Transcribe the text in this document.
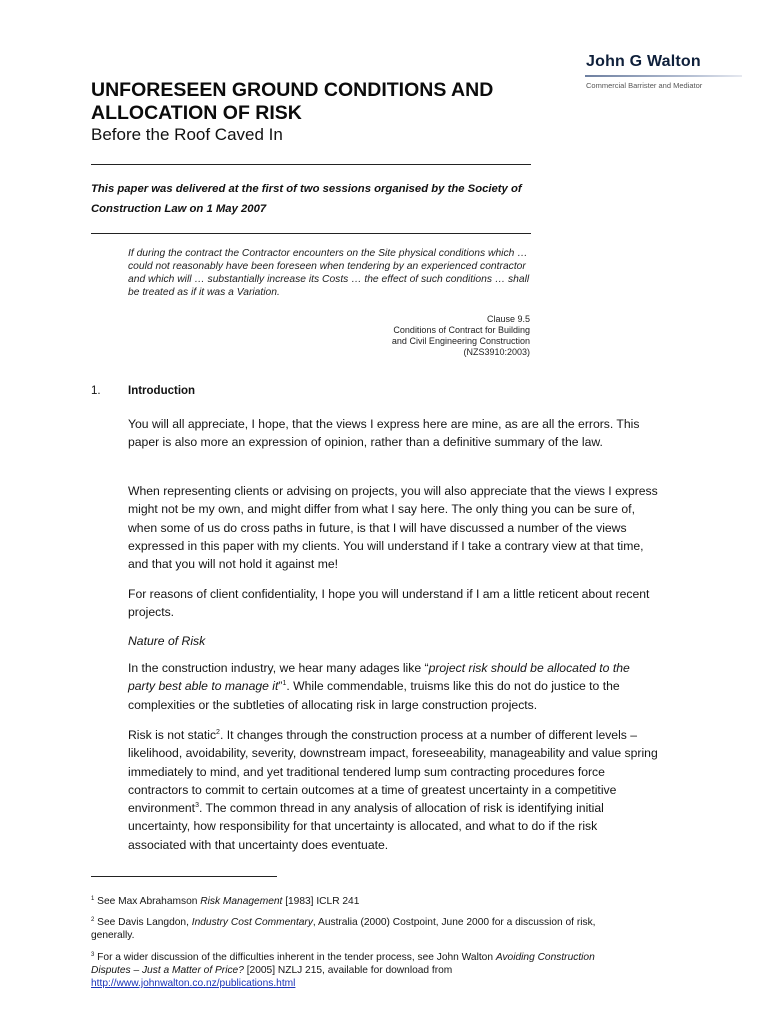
John G Walton
Commercial Barrister and Mediator
UNFORESEEN GROUND CONDITIONS AND ALLOCATION OF RISK
Before the Roof Caved In
This paper was delivered at the first of two sessions organised by the Society of Construction Law on 1 May 2007
If during the contract the Contractor encounters on the Site physical conditions which … could not reasonably have been foreseen when tendering by an experienced contractor and which will … substantially increase its Costs … the effect of such conditions … shall be treated as if it was a Variation.
Clause 9.5
Conditions of Contract for Building
and Civil Engineering Construction
(NZS3910:2003)
1. Introduction
You will all appreciate, I hope, that the views I express here are mine, as are all the errors. This paper is also more an expression of opinion, rather than a definitive summary of the law.
When representing clients or advising on projects, you will also appreciate that the views I express might not be my own, and might differ from what I say here. The only thing you can be sure of, when some of us do cross paths in future, is that I will have discussed a number of the views expressed in this paper with my clients. You will understand if I take a contrary view at that time, and that you will not hold it against me!
For reasons of client confidentiality, I hope you will understand if I am a little reticent about recent projects.
Nature of Risk
In the construction industry, we hear many adages like “project risk should be allocated to the party best able to manage it”$^1$. While commendable, truisms like this do not do justice to the complexities or the subtleties of allocating risk in large construction projects.
Risk is not static$^2$. It changes through the construction process at a number of different levels – likelihood, avoidability, severity, downstream impact, foreseeability, manageability and value spring immediately to mind, and yet traditional tendered lump sum contracting procedures force contractors to commit to certain outcomes at a time of greatest uncertainty in a competitive environment$^3$. The common thread in any analysis of allocation of risk is identifying initial uncertainty, how responsibility for that uncertainty is allocated, and what to do if the risk associated with that uncertainty does eventuate.
$^1$ See Max Abrahamson Risk Management [1983] ICLR 241
$^2$ See Davis Langdon, Industry Cost Commentary, Australia (2000) Costpoint, June 2000 for a discussion of risk, generally.
$^3$ For a wider discussion of the difficulties inherent in the tender process, see John Walton Avoiding Construction Disputes – Just a Matter of Price? [2005] NZLJ 215, available for download from
http://www.johnwalton.co.nz/publications.html
